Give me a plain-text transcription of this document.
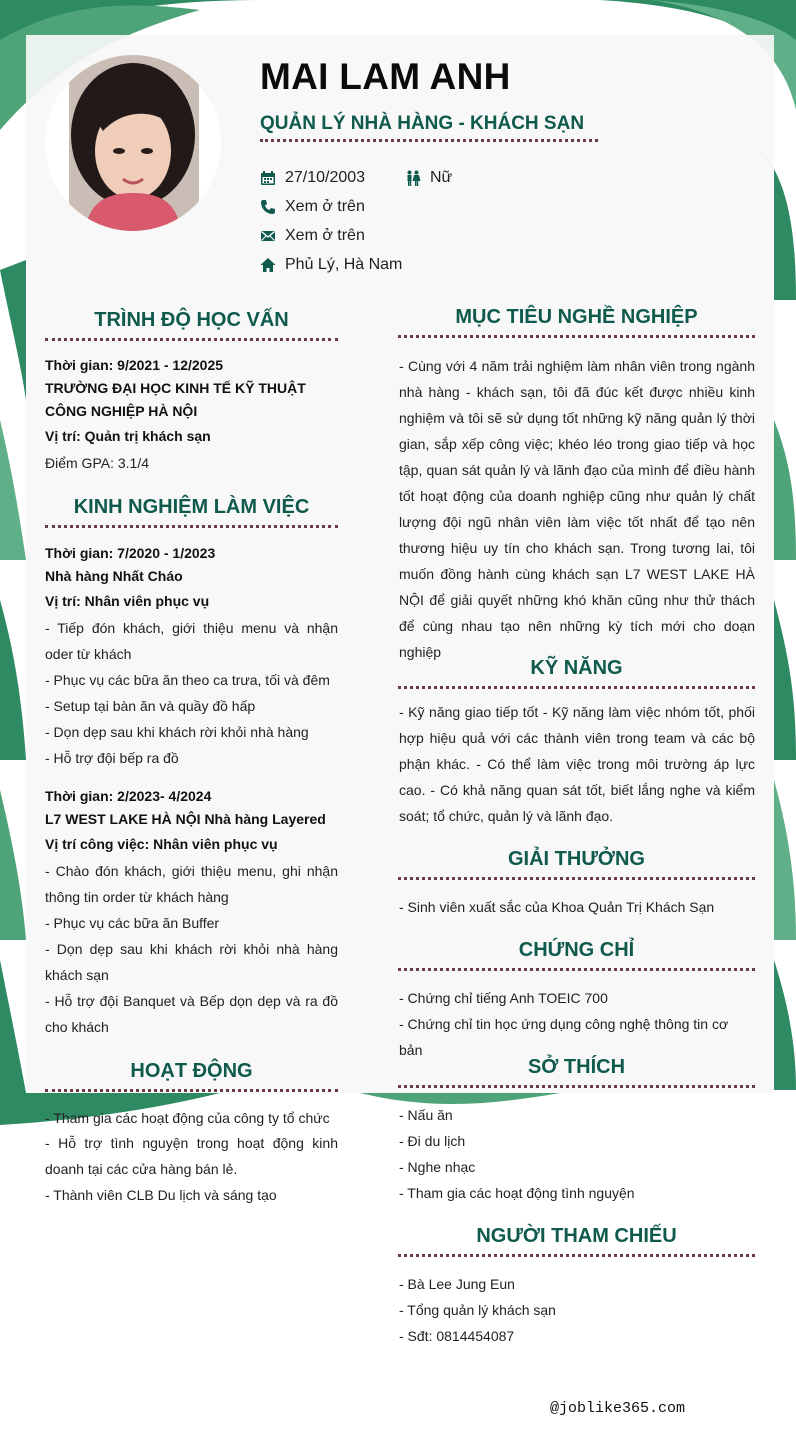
MAI LAM ANH
QUẢN LÝ NHÀ HÀNG - KHÁCH SẠN
27/10/2003	Nữ
Xem ở trên
Xem ở trên
Phủ Lý, Hà Nam
TRÌNH ĐỘ HỌC VẤN
Thời gian: 9/2021 - 12/2025
TRƯỜNG ĐẠI HỌC KINH TẾ KỸ THUẬT CÔNG NGHIỆP HÀ NỘI
Vị trí: Quản trị khách sạn
Điểm GPA: 3.1/4
KINH NGHIỆM LÀM VIỆC
Thời gian: 7/2020 - 1/2023
Nhà hàng Nhất Cháo
Vị trí: Nhân viên phục vụ
- Tiếp đón khách, giới thiệu menu và nhận oder từ khách
- Phục vụ các bữa ăn theo ca trưa, tối và đêm
- Setup tại bàn ăn và quầy đồ hấp
- Dọn dẹp sau khi khách rời khỏi nhà hàng
- Hỗ trợ đội bếp ra đồ
Thời gian: 2/2023- 4/2024
L7 WEST LAKE HÀ NỘI Nhà hàng Layered
Vị trí công việc: Nhân viên phục vụ
- Chào đón khách, giới thiệu menu, ghi nhận thông tin order từ khách hàng
- Phục vụ các bữa ăn Buffer
- Dọn dẹp sau khi khách rời khỏi nhà hàng khách sạn
- Hỗ trợ đội Banquet và Bếp dọn dẹp và ra đồ cho khách
HOẠT ĐỘNG
- Tham gia các hoạt động của công ty tổ chức
- Hỗ trợ tình nguyện trong hoạt động kinh doanh tại các cửa hàng bán lẻ.
- Thành viên CLB Du lịch và sáng tạo
MỤC TIÊU NGHỀ NGHIỆP
- Cùng với 4 năm trải nghiệm làm nhân viên trong ngành nhà hàng - khách sạn, tôi đã đúc kết được nhiều kinh nghiệm và tôi sẽ sử dụng tốt những kỹ năng quản lý thời gian, sắp xếp công việc; khéo léo trong giao tiếp và học tập, quan sát quản lý và lãnh đạo của mình để điều hành tốt hoạt động của doanh nghiệp cũng như quản lý chất lượng đội ngũ nhân viên làm việc tốt nhất để tạo nên thương hiệu uy tín cho khách sạn. Trong tương lai, tôi muốn đồng hành cùng khách sạn L7 WEST LAKE HÀ NỘI để giải quyết những khó khăn cũng như thử thách để cùng nhau tạo nên những kỳ tích mới cho doạn nghiệp
KỸ NĂNG
- Kỹ năng giao tiếp tốt - Kỹ năng làm việc nhóm tốt, phối hợp hiệu quả với các thành viên trong team và các bộ phận khác. - Có thể làm việc trong môi trường áp lực cao. - Có khả năng quan sát tốt, biết lắng nghe và kiểm soát; tổ chức, quản lý và lãnh đạo.
GIẢI THƯỞNG
- Sinh viên xuất sắc của Khoa Quản Trị Khách Sạn
CHỨNG CHỈ
- Chứng chỉ tiếng Anh TOEIC 700
- Chứng chỉ tin học ứng dụng công nghệ thông tin cơ bản
SỞ THÍCH
- Nấu ăn
- Đi du lịch
- Nghe nhạc
- Tham gia các hoạt động tình nguyện
NGƯỜI THAM CHIẾU
- Bà Lee Jung Eun
- Tổng quản lý khách sạn
- Sđt: 0814454087
@joblike365.com
